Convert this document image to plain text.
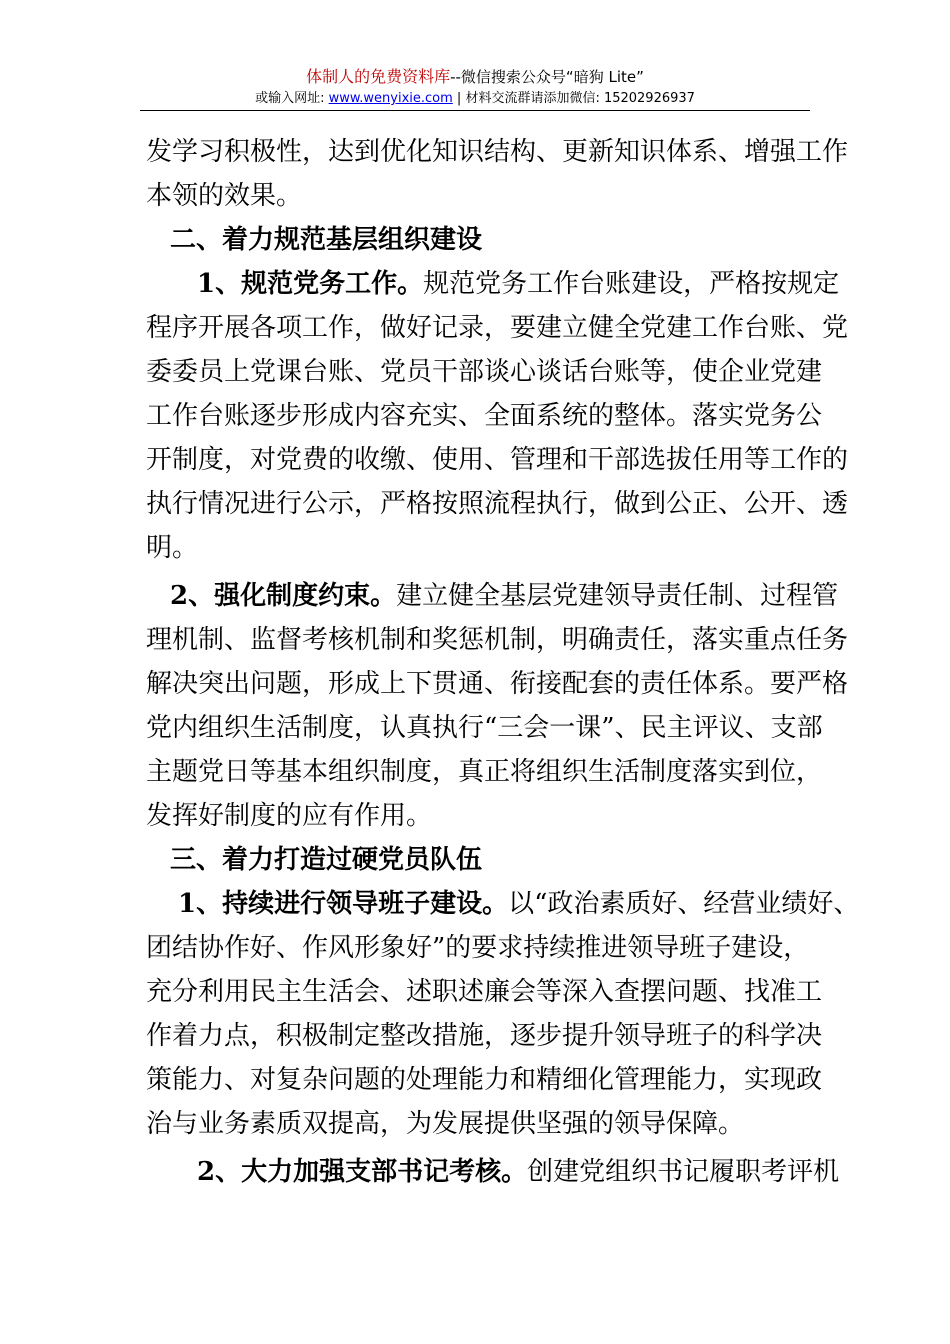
体制人的免费资料库--微信搜索公众号“暗狗 Lite”
或输入网址: www.wenyixie.com | 材料交流群请添加微信: 15202926937
发学习积极性，达到优化知识结构、更新知识体系、增强工作
本领的效果。
二、着力规范基层组织建设
1、规范党务工作。规范党务工作台账建设，严格按规定
程序开展各项工作，做好记录，要建立健全党建工作台账、党
委委员上党课台账、党员干部谈心谈话台账等，使企业党建
工作台账逐步形成内容充实、全面系统的整体。落实党务公
开制度，对党费的收缴、使用、管理和干部选拔任用等工作的
执行情况进行公示，严格按照流程执行，做到公正、公开、透
明。
2、强化制度约束。建立健全基层党建领导责任制、过程管
理机制、监督考核机制和奖惩机制，明确责任，落实重点任务
解决突出问题，形成上下贯通、衔接配套的责任体系。要严格
党内组织生活制度，认真执行“三会一课”、民主评议、支部
主题党日等基本组织制度，真正将组织生活制度落实到位，
发挥好制度的应有作用。
三、着力打造过硬党员队伍
1、持续进行领导班子建设。以“政治素质好、经营业绩好、
团结协作好、作风形象好”的要求持续推进领导班子建设，
充分利用民主生活会、述职述廉会等深入查摆问题、找准工
作着力点，积极制定整改措施，逐步提升领导班子的科学决
策能力、对复杂问题的处理能力和精细化管理能力，实现政
治与业务素质双提高，为发展提供坚强的领导保障。
2、大力加强支部书记考核。创建党组织书记履职考评机
